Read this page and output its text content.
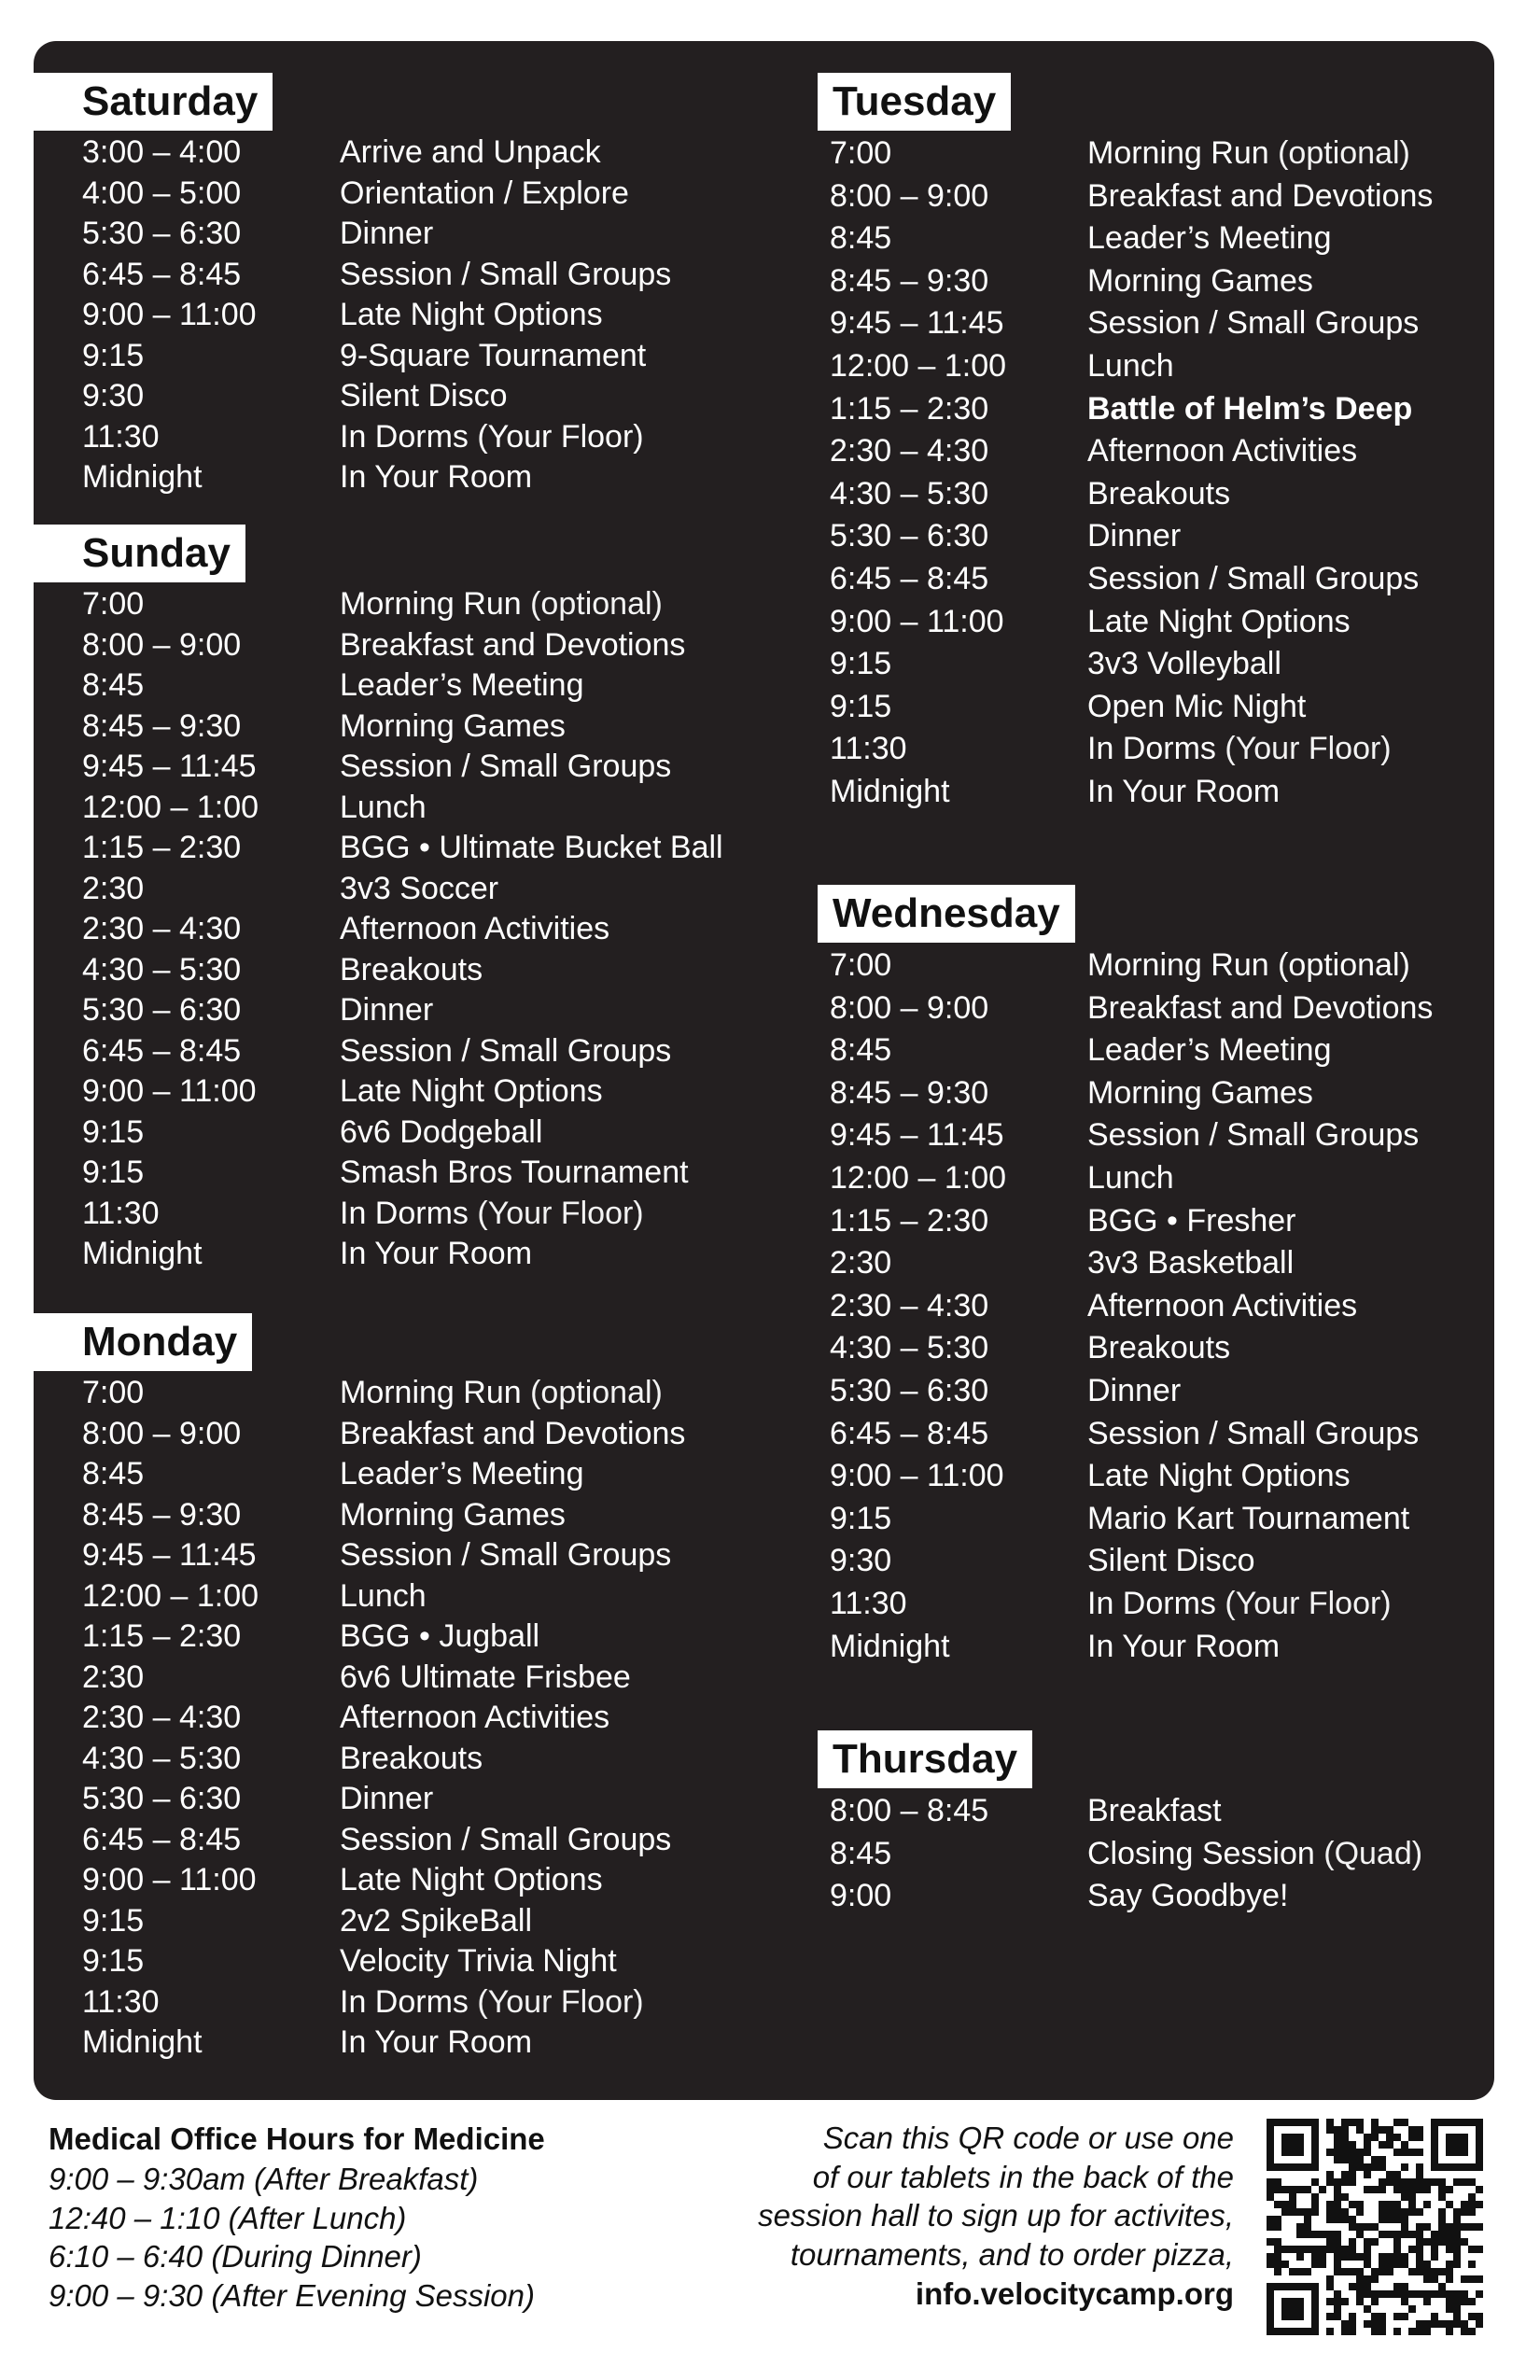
Saturday
3:00 – 4:00	Arrive and Unpack
4:00 – 5:00	Orientation / Explore
5:30 – 6:30	Dinner
6:45 – 8:45	Session / Small Groups
9:00 – 11:00	Late Night Options
9:15	9-Square Tournament
9:30	Silent Disco
11:30	In Dorms (Your Floor)
Midnight	In Your Room
Sunday
7:00	Morning Run (optional)
8:00 – 9:00	Breakfast and Devotions
8:45	Leader’s Meeting
8:45 – 9:30	Morning Games
9:45 – 11:45	Session / Small Groups
12:00 – 1:00	Lunch
1:15 – 2:30	BGG • Ultimate Bucket Ball
2:30	3v3 Soccer
2:30 – 4:30	Afternoon Activities
4:30 – 5:30	Breakouts
5:30 – 6:30	Dinner
6:45 – 8:45	Session / Small Groups
9:00 – 11:00	Late Night Options
9:15	6v6 Dodgeball
9:15	Smash Bros Tournament
11:30	In Dorms (Your Floor)
Midnight	In Your Room
Monday
7:00	Morning Run (optional)
8:00 – 9:00	Breakfast and Devotions
8:45	Leader’s Meeting
8:45 – 9:30	Morning Games
9:45 – 11:45	Session / Small Groups
12:00 – 1:00	Lunch
1:15 – 2:30	BGG • Jugball
2:30	6v6 Ultimate Frisbee
2:30 – 4:30	Afternoon Activities
4:30 – 5:30	Breakouts
5:30 – 6:30	Dinner
6:45 – 8:45	Session / Small Groups
9:00 – 11:00	Late Night Options
9:15	2v2 SpikeBall
9:15	Velocity Trivia Night
11:30	In Dorms (Your Floor)
Midnight	In Your Room
Tuesday
7:00	Morning Run (optional)
8:00 – 9:00	Breakfast and Devotions
8:45	Leader’s Meeting
8:45 – 9:30	Morning Games
9:45 – 11:45	Session / Small Groups
12:00 – 1:00	Lunch
1:15 – 2:30	Battle of Helm’s Deep
2:30 – 4:30	Afternoon Activities
4:30 – 5:30	Breakouts
5:30 – 6:30	Dinner
6:45 – 8:45	Session / Small Groups
9:00 – 11:00	Late Night Options
9:15	3v3 Volleyball
9:15	Open Mic Night
11:30	In Dorms (Your Floor)
Midnight	In Your Room
Wednesday
7:00	Morning Run (optional)
8:00 – 9:00	Breakfast and Devotions
8:45	Leader’s Meeting
8:45 – 9:30	Morning Games
9:45 – 11:45	Session / Small Groups
12:00 – 1:00	Lunch
1:15 – 2:30	BGG • Fresher
2:30	3v3 Basketball
2:30 – 4:30	Afternoon Activities
4:30 – 5:30	Breakouts
5:30 – 6:30	Dinner
6:45 – 8:45	Session / Small Groups
9:00 – 11:00	Late Night Options
9:15	Mario Kart Tournament
9:30	Silent Disco
11:30	In Dorms (Your Floor)
Midnight	In Your Room
Thursday
8:00 – 8:45	Breakfast
8:45	Closing Session (Quad)
9:00	Say Goodbye!
Medical Office Hours for Medicine
9:00 – 9:30am (After Breakfast)
12:40 – 1:10 (After Lunch)
6:10 – 6:40 (During Dinner)
9:00 – 9:30 (After Evening Session)
Scan this QR code or use one
of our tablets in the back of the
session hall to sign up for activites,
tournaments, and to order pizza,
info.velocitycamp.org
